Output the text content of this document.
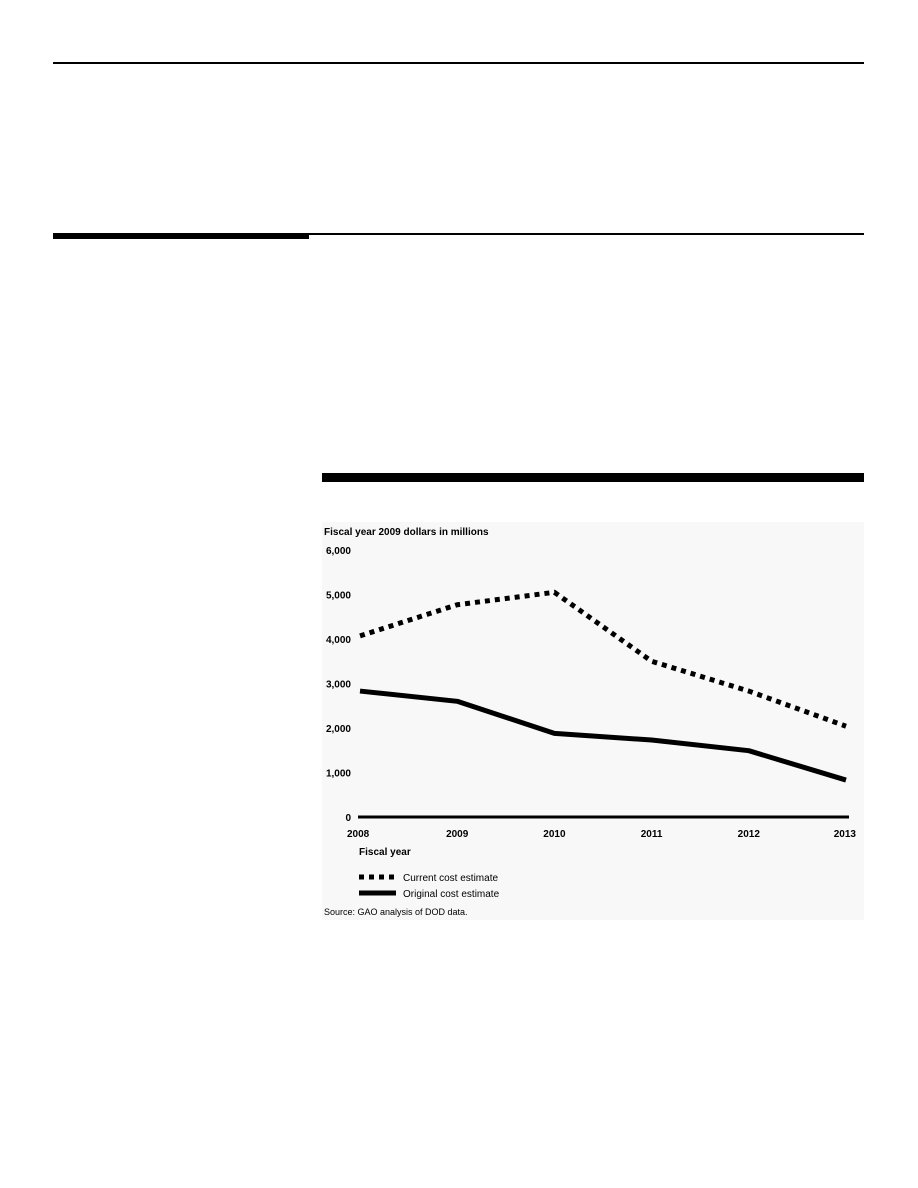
Fiscal year 2009 dollars in millions
0
1,000
2,000
3,000
4,000
5,000
6,000
2008	2009	2010	2011	2012	2013
Fiscal year
Current cost estimate
Original cost estimate
Source: GAO analysis of DOD data.
